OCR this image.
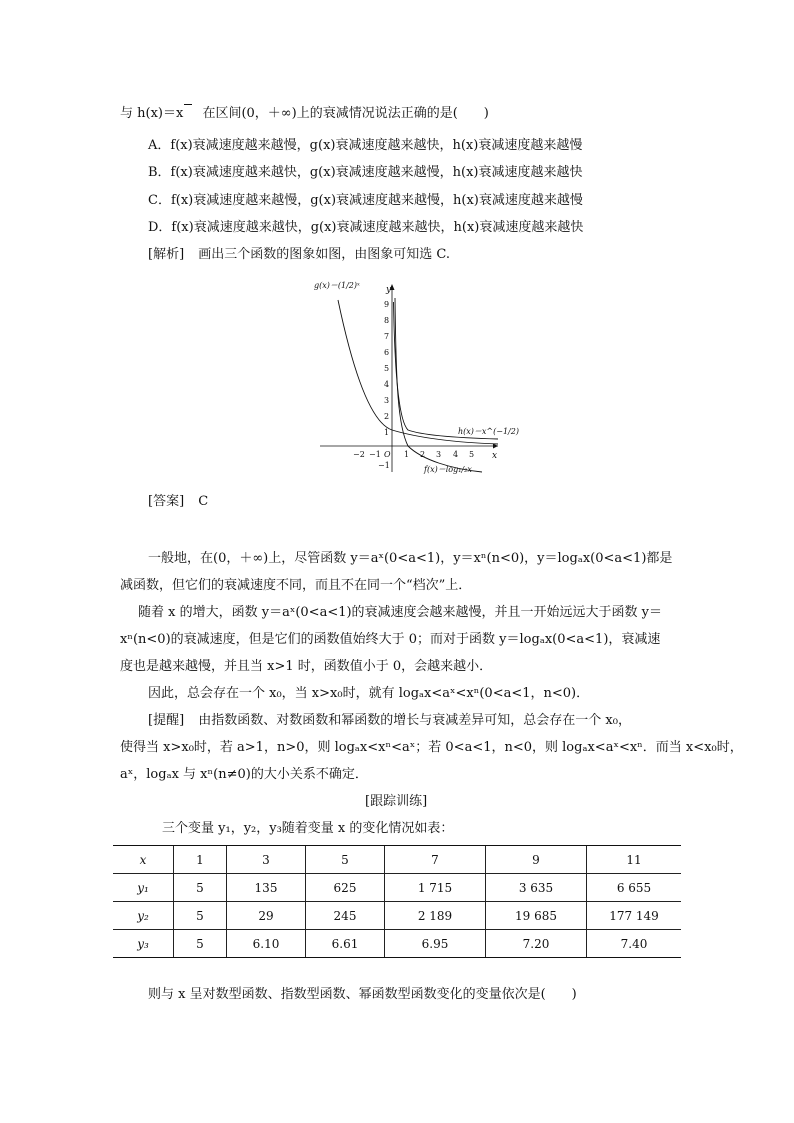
与 h(x)＝x 在区间(0，＋∞)上的衰减情况说法正确的是(　　)
A．f(x)衰减速度越来越慢，g(x)衰减速度越来越快，h(x)衰减速度越来越慢
B．f(x)衰减速度越来越快，g(x)衰减速度越来越慢，h(x)衰减速度越来越快
C．f(x)衰减速度越来越慢，g(x)衰减速度越来越慢，h(x)衰减速度越来越慢
D．f(x)衰减速度越来越快，g(x)衰减速度越来越快，h(x)衰减速度越来越快
[解析] 画出三个函数的图象如图，由图象可知选 C.
y
x
O
−2 −1	1 2 3 4 5
1
2
3
4
5
6
7
8
9
−1
g(x)＝(1/2)ˣ
h(x)＝x^(−1/2)
f(x)＝log₁/₂x
[答案] C
一般地，在(0，＋∞)上，尽管函数 y＝aˣ(0<a<1)，y＝xⁿ(n<0)，y＝logₐx(0<a<1)都是
减函数，但它们的衰减速度不同，而且不在同一个“档次”上．
随着 x 的增大，函数 y＝aˣ(0<a<1)的衰减速度会越来越慢，并且一开始远远大于函数 y＝
xⁿ(n<0)的衰减速度，但是它们的函数值始终大于 0；而对于函数 y＝logₐx(0<a<1)，衰减速
度也是越来越慢，并且当 x>1 时，函数值小于 0，会越来越小．
因此，总会存在一个 x₀，当 x>x₀时，就有 logₐx<aˣ<xⁿ(0<a<1，n<0)．
[提醒] 由指数函数、对数函数和幂函数的增长与衰减差异可知，总会存在一个 x₀，
使得当 x>x₀时，若 a>1，n>0，则 logₐx<xⁿ<aˣ；若 0<a<1，n<0，则 logₐx<aˣ<xⁿ．而当 x<x₀时，
aˣ，logₐx 与 xⁿ(n≠0)的大小关系不确定．
[跟踪训练]
三个变量 y₁，y₂，y₃随着变量 x 的变化情况如表：
x	1	3	5	7	9	11
y₁	5	135	625	1 715	3 635	6 655
y₂	5	29	245	2 189	19 685	177 149
y₃	5	6.10	6.61	6.95	7.20	7.40
则与 x 呈对数型函数、指数型函数、幂函数型函数变化的变量依次是(　　)
